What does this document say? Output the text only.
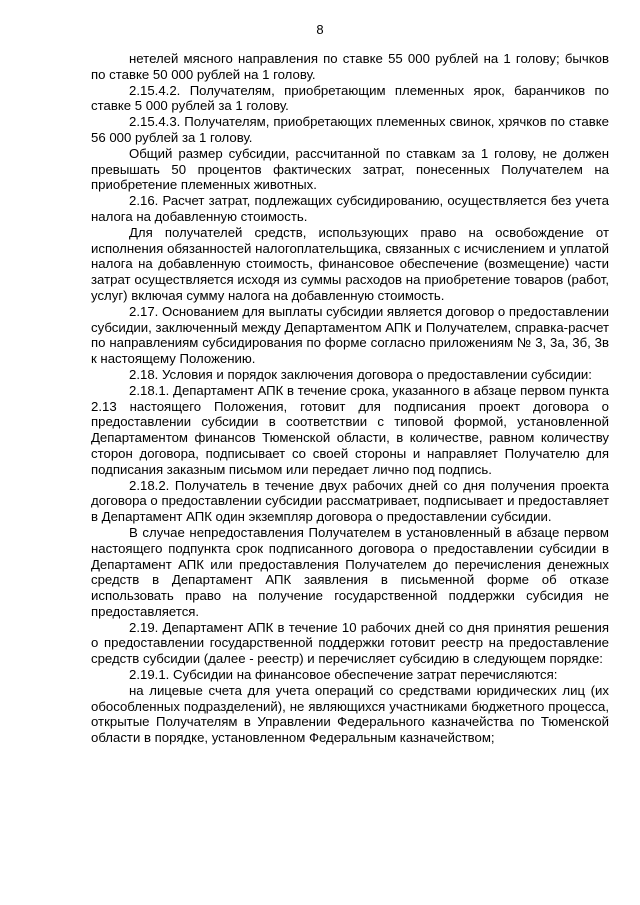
8

нетелей мясного направления по ставке 55 000 рублей на 1 голову; бычков по ставке 50 000 рублей на 1 голову.

2.15.4.2. Получателям, приобретающим племенных ярок, баранчиков по ставке 5 000 рублей за 1 голову.

2.15.4.3. Получателям, приобретающих племенных свинок, хрячков по ставке 56 000 рублей за 1 голову.

Общий размер субсидии, рассчитанной по ставкам за 1 голову, не должен превышать 50 процентов фактических затрат, понесенных Получателем на приобретение племенных животных.

2.16. Расчет затрат, подлежащих субсидированию, осуществляется без учета налога на добавленную стоимость.

Для получателей средств, использующих право на освобождение от исполнения обязанностей налогоплательщика, связанных с исчислением и уплатой налога на добавленную стоимость, финансовое обеспечение (возмещение) части затрат осуществляется исходя из суммы расходов на приобретение товаров (работ, услуг) включая сумму налога на добавленную стоимость.

2.17. Основанием для выплаты субсидии является договор о предоставлении субсидии, заключенный между Департаментом АПК и Получателем, справка-расчет по направлениям субсидирования по форме согласно приложениям № 3, 3а, 3б, 3в к настоящему Положению.

2.18. Условия и порядок заключения договора о предоставлении субсидии:

2.18.1. Департамент АПК в течение срока, указанного в абзаце первом пункта 2.13 настоящего Положения, готовит для подписания проект договора о предоставлении субсидии в соответствии с типовой формой, установленной Департаментом финансов Тюменской области, в количестве, равном количеству сторон договора, подписывает со своей стороны и направляет Получателю для подписания заказным письмом или передает лично под подпись.

2.18.2. Получатель в течение двух рабочих дней со дня получения проекта договора о предоставлении субсидии рассматривает, подписывает и предоставляет в Департамент АПК один экземпляр договора о предоставлении субсидии.

В случае непредоставления Получателем в установленный в абзаце первом настоящего подпункта срок подписанного договора о предоставлении субсидии в Департамент АПК или предоставления Получателем до перечисления денежных средств в Департамент АПК заявления в письменной форме об отказе использовать право на получение государственной поддержки субсидия не предоставляется.

2.19. Департамент АПК в течение 10 рабочих дней со дня принятия решения о предоставлении государственной поддержки готовит реестр на предоставление средств субсидии (далее - реестр) и перечисляет субсидию в следующем порядке:

2.19.1. Субсидии на финансовое обеспечение затрат перечисляются:

на лицевые счета для учета операций со средствами юридических лиц (их обособленных подразделений), не являющихся участниками бюджетного процесса, открытые Получателям в Управлении Федерального казначейства по Тюменской области в порядке, установленном Федеральным казначейством;
